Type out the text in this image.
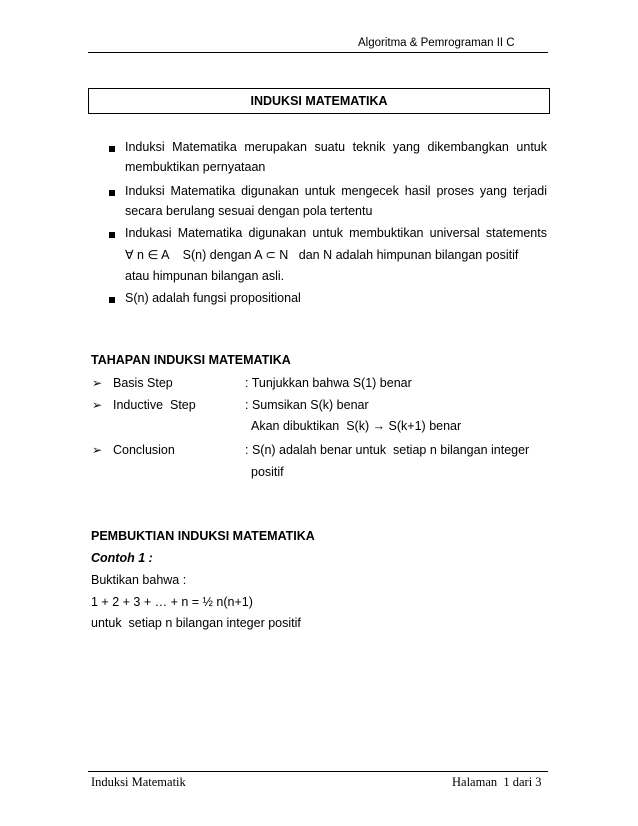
Algoritma & Pemrograman II C
INDUKSI MATEMATIKA
Induksi Matematika merupakan suatu teknik yang dikembangkan untuk
membuktikan pernyataan
Induksi Matematika digunakan untuk mengecek hasil proses yang terjadi
secara berulang sesuai dengan pola tertentu
Indukasi Matematika digunakan untuk membuktikan universal statements
∀ n ∈ A    S(n) dengan A ⊂ N   dan N adalah himpunan bilangan positif
atau himpunan bilangan asli.
S(n) adalah fungsi propositional
TAHAPAN INDUKSI MATEMATIKA
➢ Basis Step	: Tunjukkan bahwa S(1) benar
➢ Inductive  Step	: Sumsikan S(k) benar
Akan dibuktikan  S(k) → S(k+1) benar
➢ Conclusion	: S(n) adalah benar untuk  setiap n bilangan integer
positif
PEMBUKTIAN INDUKSI MATEMATIKA
Contoh 1 :
Buktikan bahwa :
1 + 2 + 3 + … + n = ½ n(n+1)
untuk  setiap n bilangan integer positif
Induksi Matematik	Halaman  1 dari 3
